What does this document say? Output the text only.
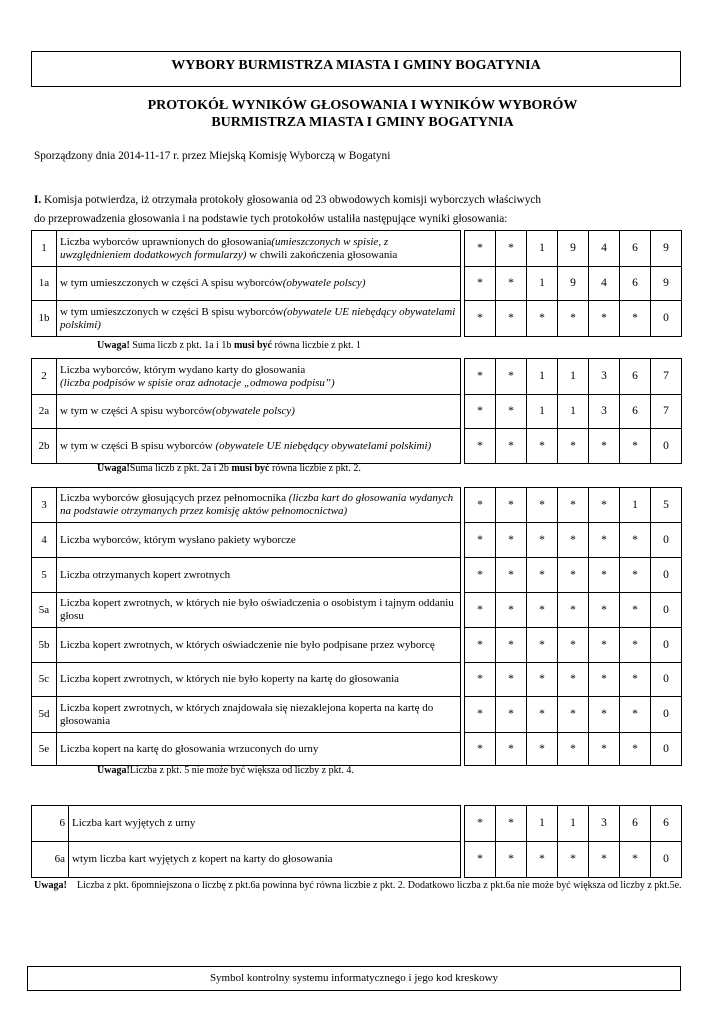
WYBORY BURMISTRZA MIASTA I GMINY BOGATYNIA
PROTOKÓŁ WYNIKÓW GŁOSOWANIA I WYNIKÓW WYBORÓW
BURMISTRZA MIASTA I GMINY BOGATYNIA
Sporządzony dnia 2014-11-17 r. przez Miejską Komisję Wyborczą w Bogatyni
I. Komisja potwierdza, iż otrzymała protokoły głosowania od 23 obwodowych komisji wyborczych właściwych
do przeprowadzenia głosowania i na podstawie tych protokołów ustaliła następujące wyniki głosowania:
1	Liczba wyborców uprawnionych do głosowania(umieszczonych w spisie, z uwzględnieniem dodatkowych formularzy) w chwili zakończenia głosowania		*	*	1	9	4	6	9
1a	w tym umieszczonych w części A spisu wyborców(obywatele polscy)		*	*	1	9	4	6	9
1b	w tym umieszczonych w części B spisu wyborców(obywatele UE niebędący obywatelami polskimi)		*	*	*	*	*	*	0
Uwaga! Suma liczb z pkt. 1a i 1b musi być równa liczbie z pkt. 1
2	Liczba wyborców, którym wydano karty do głosowania
(liczba podpisów w spisie oraz adnotacje „odmowa podpisu”)		*	*	1	1	3	6	7
2a	w tym w części A spisu wyborców(obywatele polscy)		*	*	1	1	3	6	7
2b	w tym w części B spisu wyborców (obywatele UE niebędący obywatelami polskimi)		*	*	*	*	*	*	0
Uwaga!Suma liczb z pkt. 2a i 2b musi być równa liczbie z pkt. 2.
3	Liczba wyborców głosujących przez pełnomocnika (liczba kart do głosowania wydanych na podstawie otrzymanych przez komisję aktów pełnomocnictwa)		*	*	*	*	*	1	5
4	Liczba wyborców, którym wysłano pakiety wyborcze		*	*	*	*	*	*	0
5	Liczba otrzymanych kopert zwrotnych		*	*	*	*	*	*	0
5a	Liczba kopert zwrotnych, w których nie było oświadczenia o osobistym i tajnym oddaniu głosu		*	*	*	*	*	*	0
5b	Liczba kopert zwrotnych, w których oświadczenie nie było podpisane przez wyborcę		*	*	*	*	*	*	0
5c	Liczba kopert zwrotnych, w których nie było koperty na kartę do głosowania		*	*	*	*	*	*	0
5d	Liczba kopert zwrotnych, w których znajdowała się niezaklejona koperta na kartę do głosowania		*	*	*	*	*	*	0
5e	Liczba kopert na kartę do głosowania wrzuconych do urny		*	*	*	*	*	*	0
Uwaga!Liczba z pkt. 5 nie może być większa od liczby z pkt. 4.
6	Liczba kart wyjętych z urny		*	*	1	1	3	6	6
6a	wtym liczba kart wyjętych z kopert na karty do głosowania		*	*	*	*	*	*	0
Uwaga!	Liczba z pkt. 6pomniejszona o liczbę z pkt.6a powinna być równa liczbie z pkt. 2. Dodatkowo liczba z pkt.6a nie może być większa od liczby z pkt.5e.
Symbol kontrolny systemu informatycznego i jego kod kreskowy
